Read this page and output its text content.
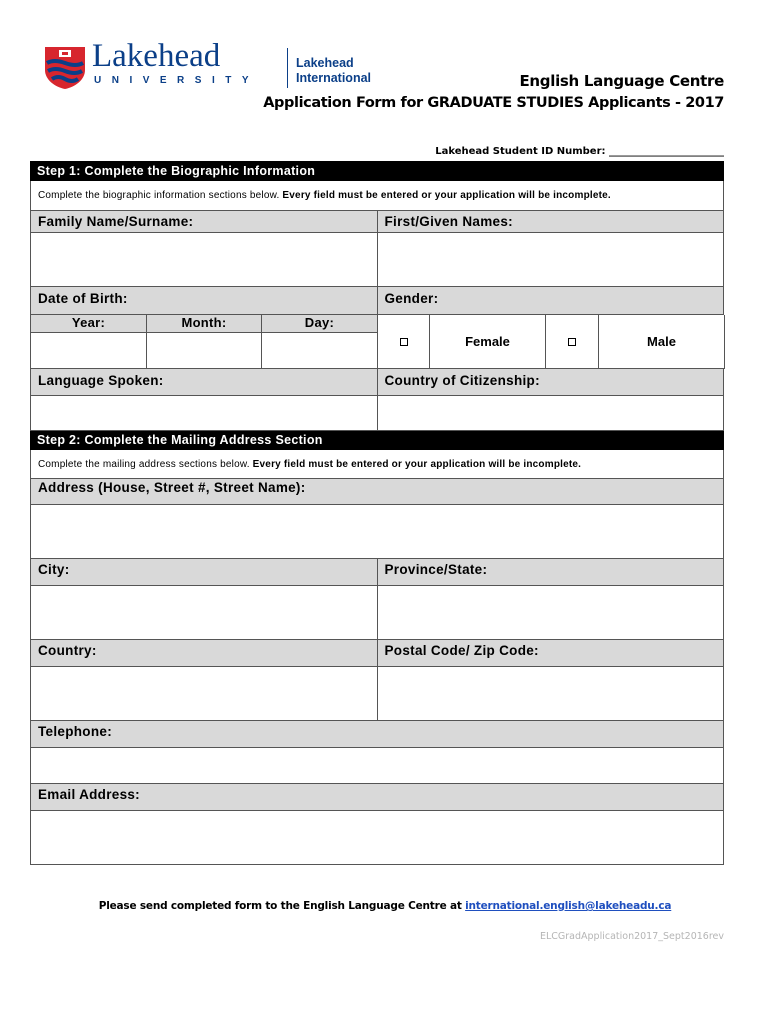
Lakehead
UNIVERSITY
Lakehead
International	English Language Centre
Application Form for GRADUATE STUDIES Applicants - 2017
Lakehead Student ID Number: _______________________
Step 1: Complete the Biographic Information
Complete the biographic information sections below. Every field must be entered or your application will be incomplete.
Family Name/Surname:	First/Given Names:
Date of Birth:	Gender:
Year:	Month:	Day:
Female	Male
Language Spoken:	Country of Citizenship:
Step 2: Complete the Mailing Address Section
Complete the mailing address sections below. Every field must be entered or your application will be incomplete.
Address (House, Street #, Street Name):
City:	Province/State:
Country:	Postal Code/ Zip Code:
Telephone:
Email Address:
Please send completed form to the English Language Centre at international.english@lakeheadu.ca
ELCGradApplication2017_Sept2016rev
